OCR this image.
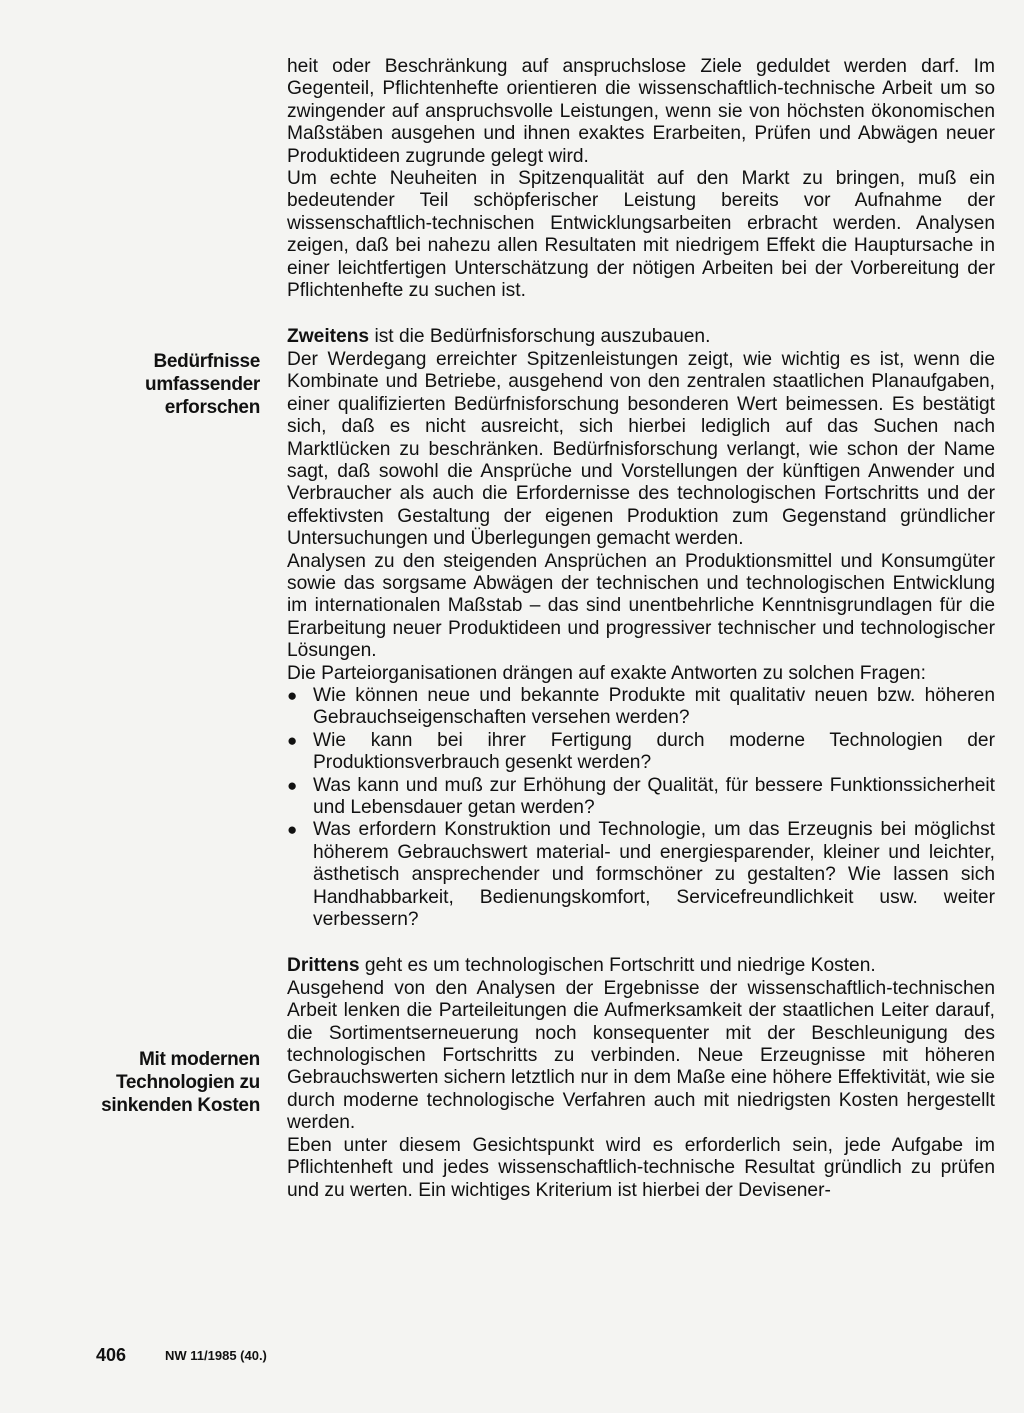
heit oder Beschränkung auf anspruchslose Ziele geduldet werden darf. Im Gegenteil, Pflichtenhefte orientieren die wissenschaftlich-technische Arbeit um so zwingender auf anspruchsvolle Leistungen, wenn sie von höchsten ökonomischen Maßstäben ausgehen und ihnen exaktes Erarbeiten, Prüfen und Abwägen neuer Produktideen zugrunde gelegt wird.

Um echte Neuheiten in Spitzenqualität auf den Markt zu bringen, muß ein bedeutender Teil schöpferischer Leistung bereits vor Aufnahme der wissenschaftlich-technischen Entwicklungsarbeiten erbracht werden. Analysen zeigen, daß bei nahezu allen Resultaten mit niedrigem Effekt die Hauptursache in einer leichtfertigen Unterschätzung der nötigen Arbeiten bei der Vorbereitung der Pflichtenhefte zu suchen ist.

Zweitens ist die Bedürfnisforschung auszubauen.

Der Werdegang erreichter Spitzenleistungen zeigt, wie wichtig es ist, wenn die Kombinate und Betriebe, ausgehend von den zentralen staatlichen Planaufgaben, einer qualifizierten Bedürfnisforschung besonderen Wert beimessen. Es bestätigt sich, daß es nicht ausreicht, sich hierbei lediglich auf das Suchen nach Marktlücken zu beschränken. Bedürfnisforschung verlangt, wie schon der Name sagt, daß sowohl die Ansprüche und Vorstellungen der künftigen Anwender und Verbraucher als auch die Erfordernisse des technologischen Fortschritts und der effektivsten Gestaltung der eigenen Produktion zum Gegenstand gründlicher Untersuchungen und Überlegungen gemacht werden.

Analysen zu den steigenden Ansprüchen an Produktionsmittel und Konsumgüter sowie das sorgsame Abwägen der technischen und technologischen Entwicklung im internationalen Maßstab – das sind unentbehrliche Kenntnisgrundlagen für die Erarbeitung neuer Produktideen und progressiver technischer und technologischer Lösungen.

Die Parteiorganisationen drängen auf exakte Antworten zu solchen Fragen:

● Wie können neue und bekannte Produkte mit qualitativ neuen bzw. höheren Gebrauchseigenschaften versehen werden?
● Wie kann bei ihrer Fertigung durch moderne Technologien der Produktionsverbrauch gesenkt werden?
● Was kann und muß zur Erhöhung der Qualität, für bessere Funktionssicherheit und Lebensdauer getan werden?
● Was erfordern Konstruktion und Technologie, um das Erzeugnis bei möglichst höherem Gebrauchswert material- und energiesparender, kleiner und leichter, ästhetisch ansprechender und formschöner zu gestalten? Wie lassen sich Handhabbarkeit, Bedienungskomfort, Servicefreundlichkeit usw. weiter verbessern?

Drittens geht es um technologischen Fortschritt und niedrige Kosten.

Ausgehend von den Analysen der Ergebnisse der wissenschaftlich-technischen Arbeit lenken die Parteileitungen die Aufmerksamkeit der staatlichen Leiter darauf, die Sortimentserneuerung noch konsequenter mit der Beschleunigung des technologischen Fortschritts zu verbinden. Neue Erzeugnisse mit höheren Gebrauchswerten sichern letztlich nur in dem Maße eine höhere Effektivität, wie sie durch moderne technologische Verfahren auch mit niedrigsten Kosten hergestellt werden.

Eben unter diesem Gesichtspunkt wird es erforderlich sein, jede Aufgabe im Pflichtenheft und jedes wissenschaftlich-technische Resultat gründlich zu prüfen und zu werten. Ein wichtiges Kriterium ist hierbei der Devisener-

Bedürfnisse
umfassender
erforschen
Mit modernen
Technologien zu
sinkenden Kosten
406	NW 11/1985 (40.)
